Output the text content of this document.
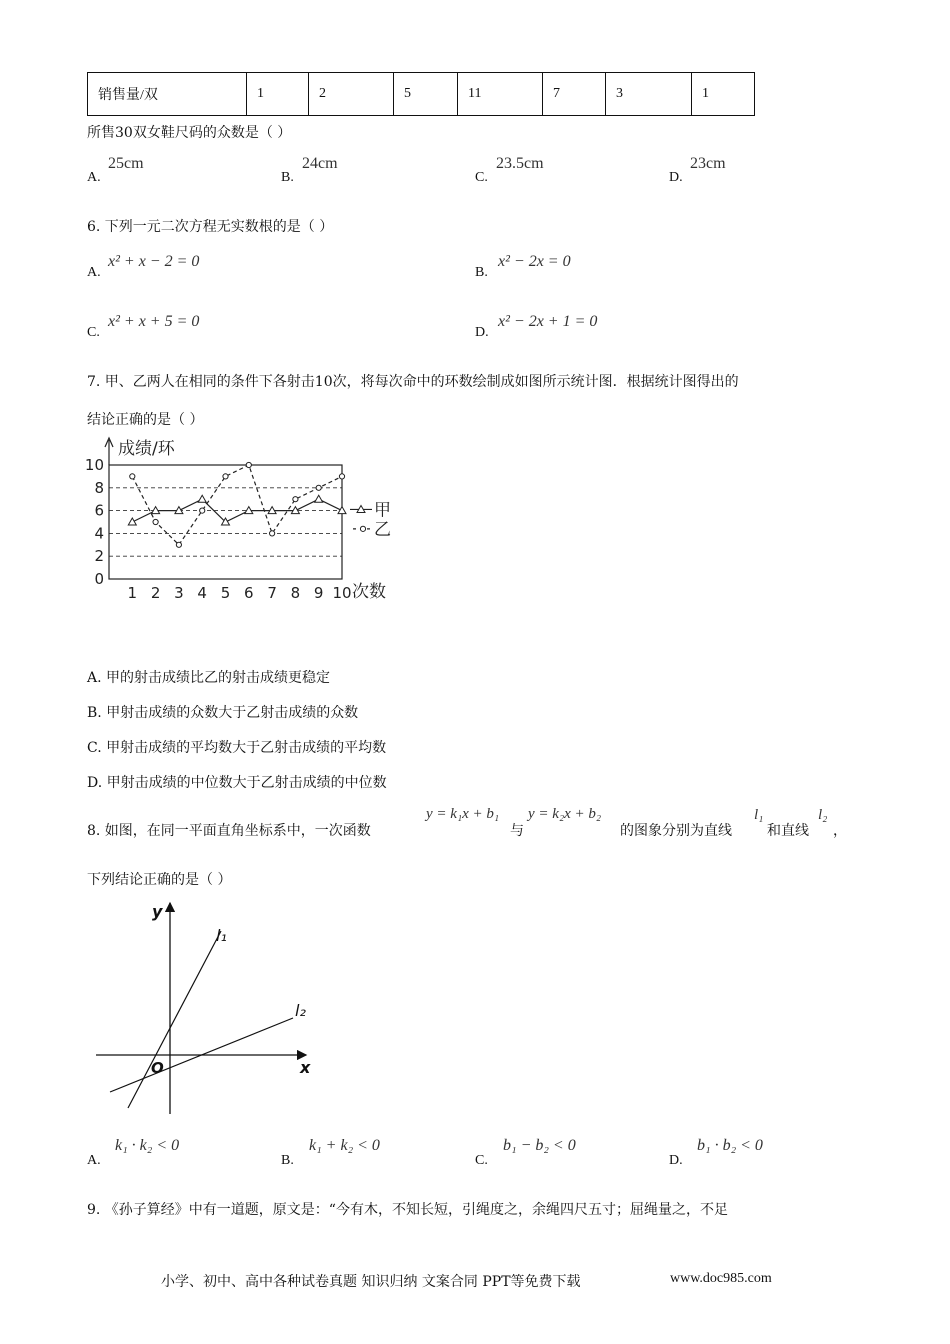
销售量/双	1	2	5	11	7	3	1
所售30双女鞋尺码的众数是（ ）
A.
25cm
B.
24cm
C.
23.5cm
D.
23cm
6. 下列一元二次方程无实数根的是（ ）
A.
x² + x − 2 = 0
B.
x² − 2x = 0
C.
x² + x + 5 = 0
D.
x² − 2x + 1 = 0
7. 甲、乙两人在相同的条件下各射击10次，将每次命中的环数绘制成如图所示统计图．根据统计图得出的
结论正确的是（ ）
0
2
4
6
8
10
1 2 3 4 5 6 7 8 9 10
成绩/环
次数
甲
乙
A. 甲的射击成绩比乙的射击成绩更稳定
B. 甲射击成绩的众数大于乙射击成绩的众数
C. 甲射击成绩的平均数大于乙射击成绩的平均数
D. 甲射击成绩的中位数大于乙射击成绩的中位数
8. 如图，在同一平面直角坐标系中，一次函数
y = k₁x + b₁
与
y = k₂x + b₂
的图象分别为直线
l₁
和直线
l₂
，
下列结论正确的是（ ）
y
x
O
l₁
l₂
A.
k₁ · k₂ < 0
B.
k₁ + k₂ < 0
C.
b₁ − b₂ < 0
D.
b₁ · b₂ < 0
9. 《孙子算经》中有一道题，原文是：“今有木，不知长短，引绳度之，余绳四尺五寸；屈绳量之，不足
小学、初中、高中各种试卷真题 知识归纳 文案合同 PPT等免费下载	www.doc985.com
